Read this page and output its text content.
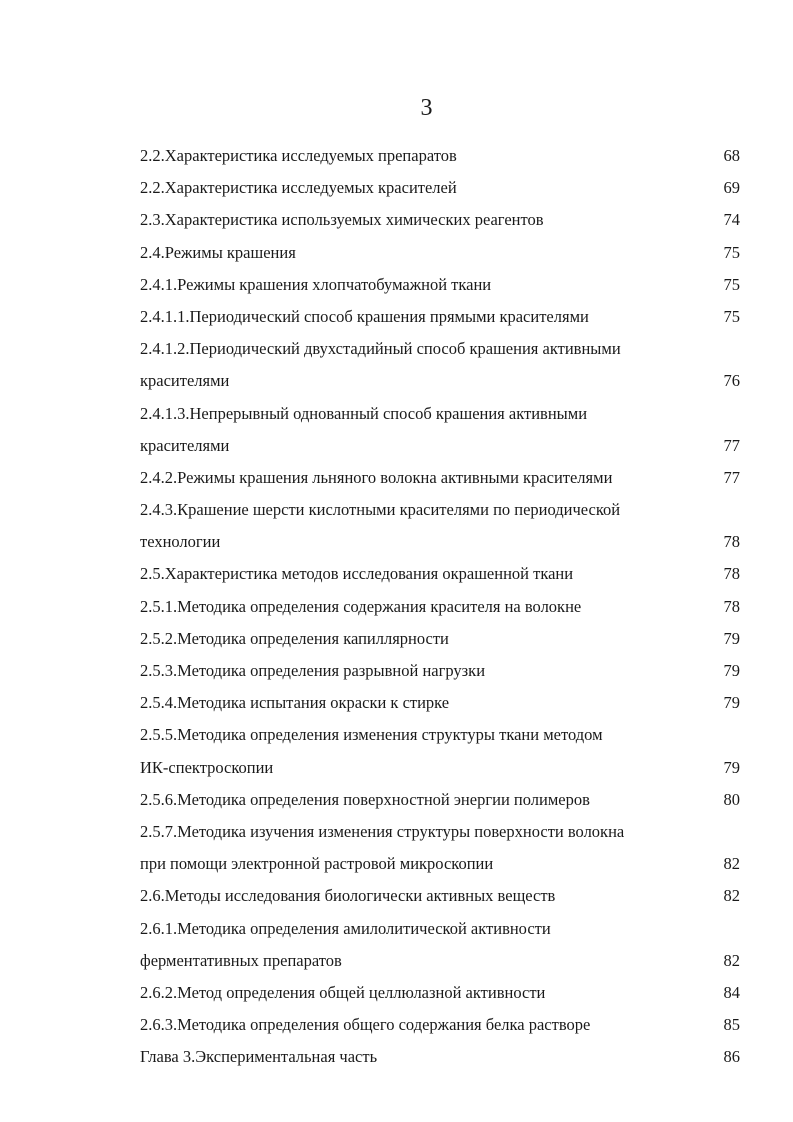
3
2.2.Характеристика исследуемых препаратов	68
2.2.Характеристика исследуемых красителей	69
2.3.Характеристика используемых химических реагентов	74
2.4.Режимы крашения	75
2.4.1.Режимы крашения хлопчатобумажной ткани	75
2.4.1.1.Периодический способ крашения прямыми красителями	75
2.4.1.2.Периодический двухстадийный способ крашения активными
красителями	76
2.4.1.3.Непрерывный однованный способ крашения активными
красителями	77
2.4.2.Режимы крашения льняного волокна активными красителями	77
2.4.3.Крашение шерсти кислотными красителями по периодической
технологии	78
2.5.Характеристика методов исследования окрашенной ткани	78
2.5.1.Методика определения содержания красителя на волокне	78
2.5.2.Методика определения капиллярности	79
2.5.3.Методика определения разрывной нагрузки	79
2.5.4.Методика испытания окраски к стирке	79
2.5.5.Методика определения изменения структуры ткани методом
ИК-спектроскопии	79
2.5.6.Методика определения поверхностной энергии полимеров	80
2.5.7.Методика изучения изменения структуры поверхности волокна
при помощи электронной растровой микроскопии	82
2.6.Методы исследования биологически активных веществ	82
2.6.1.Методика определения амилолитической активности
ферментативных препаратов	82
2.6.2.Метод определения общей целлюлазной активности	84
2.6.3.Методика определения общего содержания белка растворе	85
Глава 3.Экспериментальная часть	86
